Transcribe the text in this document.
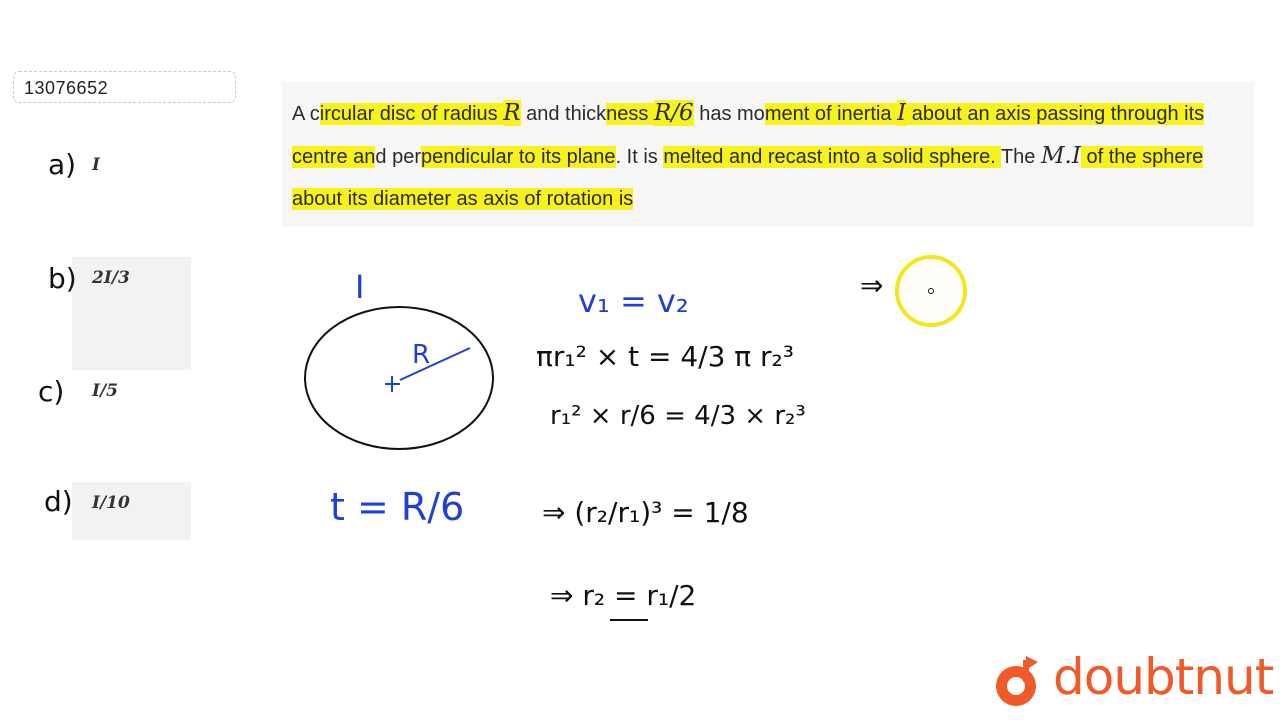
13076652
A circular disc of radius R and thickness R/6 has moment of inertia I about an axis passing through its centre and perpendicular to its plane. It is melted and recast into a solid sphere. The M.I of the sphere about its diameter as axis of rotation is
a) I
b) 2I/3
c) I/5
d) I/10
I
R
t = R/6
v₁ = v₂
πr₁² × t = 4/3 π r₂³
r₁² × r/6 = 4/3 × r₂³
⇒ (r₂/r₁)³ = 1/8
⇒ r₂ = r₁/2
⇒
doubtnut
